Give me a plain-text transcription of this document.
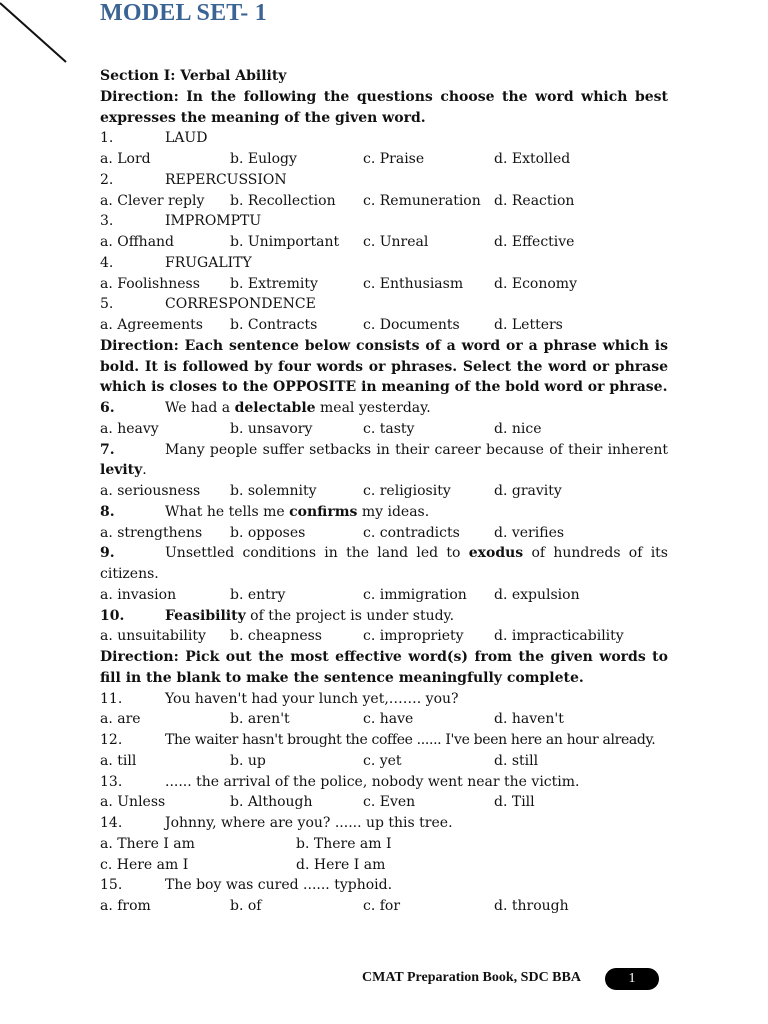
MODEL SET- 1
Section I: Verbal Ability
Direction: In the following the questions choose the word which best expresses the meaning of the given word.
1.	LAUD
a. Lord	b. Eulogy	c. Praise	d. Extolled
2.	REPERCUSSION
a. Clever reply b. Recollection c. Remuneration d. Reaction
3.	IMPROMPTU
a. Offhand	b. Unimportant c. Unreal	d. Effective
4.	FRUGALITY
a. Foolishness b. Extremity	c. Enthusiasm d. Economy
5.	CORRESPONDENCE
a. Agreements b. Contracts	c. Documents d. Letters
Direction: Each sentence below consists of a word or a phrase which is bold. It is followed by four words or phrases. Select the word or phrase which is closes to the OPPOSITE in meaning of the bold word or phrase.
6.	We had a delectable meal yesterday.
a. heavy	b. unsavory	c. tasty	d. nice
7.	Many people suffer setbacks in their career because of their inherent
levity.
a. seriousness b. solemnity	c. religiosity	d. gravity
8.	What he tells me confirms my ideas.
a. strengthens b. opposes	c. contradicts d. verifies
9.	Unsettled conditions in the land led to exodus of hundreds of its
citizens.
a. invasion	b. entry	c. immigration d. expulsion
10.	Feasibility of the project is under study.
a. unsuitability b. cheapness	c. impropriety d. impracticability
Direction: Pick out the most effective word(s) from the given words to fill in the blank to make the sentence meaningfully complete.
11.	You haven't had your lunch yet,……. you?
a. are	b. aren't	c. have	d. haven't
12.	The waiter hasn't brought the coffee ...... I've been here an hour already.
a. till	b. up	c. yet	d. still
13.	...... the arrival of the police, nobody went near the victim.
a. Unless	b. Although	c. Even	d. Till
14.	Johnny, where are you? ...... up this tree.
a. There I am	b. There am I
c. Here am I	d. Here I am
15.	The boy was cured ...... typhoid.
a. from	b. of	c. for	d. through
CMAT Preparation Book, SDC BBA	1
